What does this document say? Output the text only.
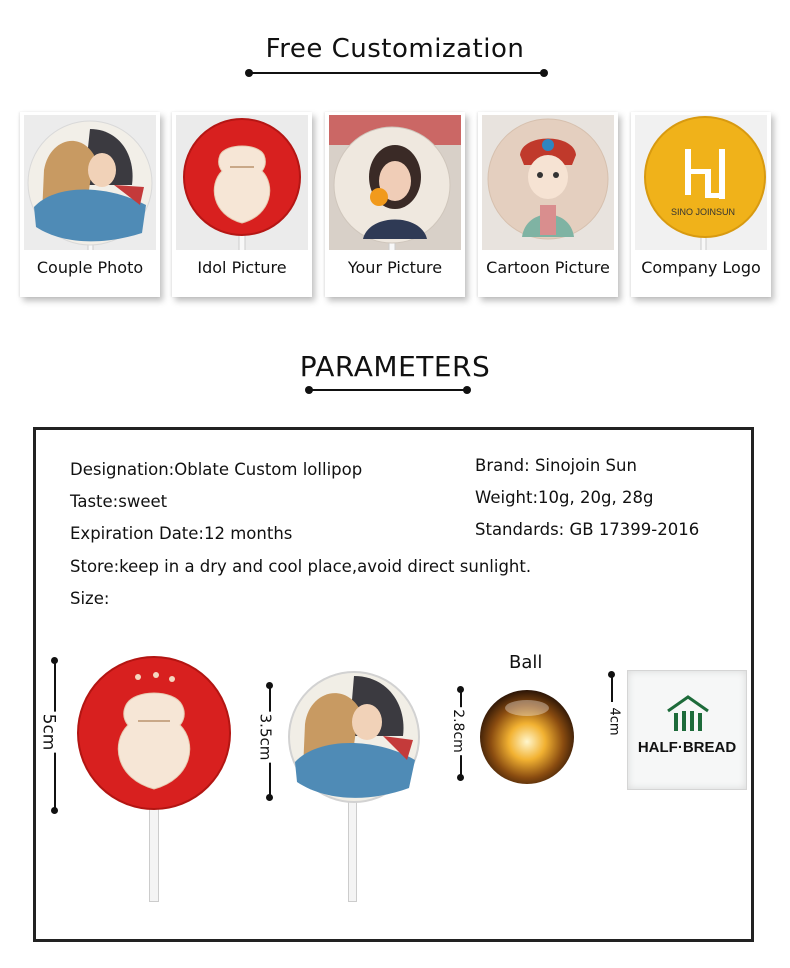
Free Customization
Couple Photo	Idol Picture	Your Picture	Cartoon Picture
SINO JOINSUN
Company Logo
PARAMETERS
Designation:Oblate Custom lollipop
Taste:sweet
Expiration Date:12 months
Store:keep in a dry and cool place,avoid direct sunlight.
Size:
Brand: Sinojoin Sun
Weight:10g, 20g, 28g
Standards: GB 17399-2016
5cm	3.5cm
Ball
2.8cm	4cm
HALF·BREAD
